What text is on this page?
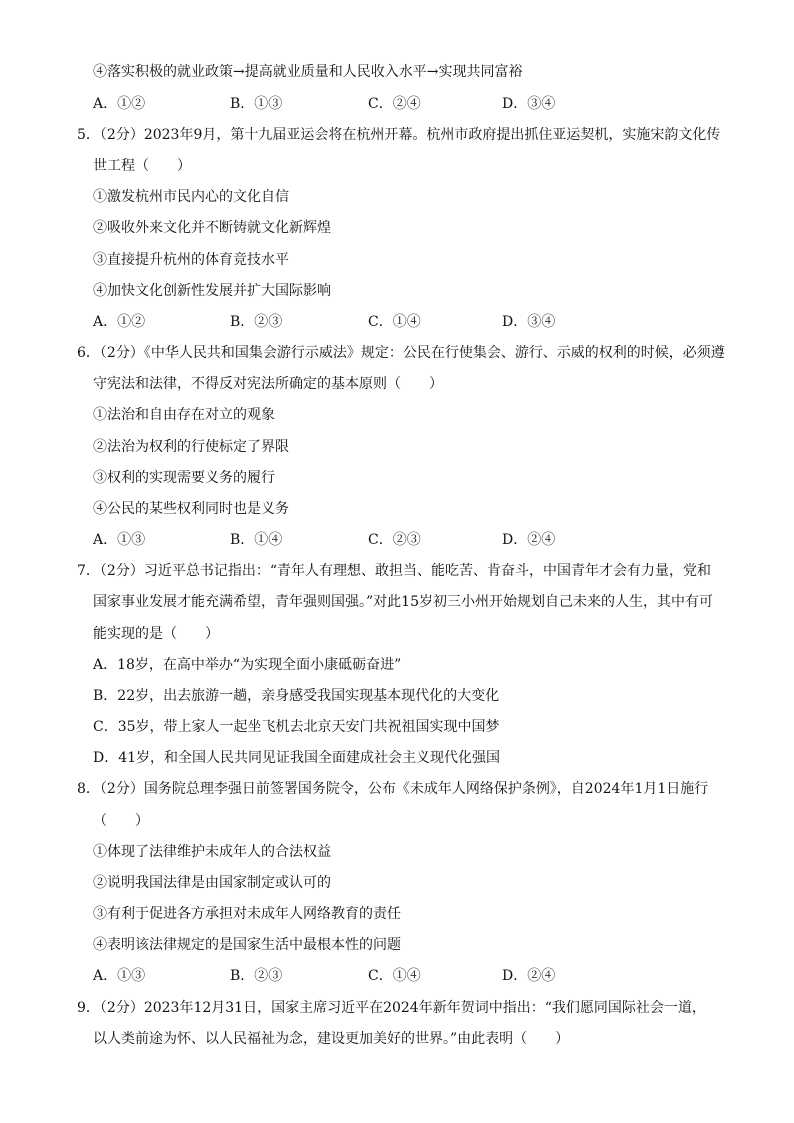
④落实积极的就业政策→提高就业质量和人民收入水平→实现共同富裕
A．①②	B．①③	C．②④	D．③④
5．（2分）2023年9月，第十九届亚运会将在杭州开幕。杭州市政府提出抓住亚运契机，实施宋韵文化传
世工程（　　）
①激发杭州市民内心的文化自信
②吸收外来文化并不断铸就文化新辉煌
③直接提升杭州的体育竞技水平
④加快文化创新性发展并扩大国际影响
A．①②	B．②③	C．①④	D．③④
6．（2分）《中华人民共和国集会游行示威法》规定：公民在行使集会、游行、示威的权利的时候，必须遵
守宪法和法律，不得反对宪法所确定的基本原则（　　）
①法治和自由存在对立的观象
②法治为权利的行使标定了界限
③权利的实现需要义务的履行
④公民的某些权利同时也是义务
A．①③	B．①④	C．②③	D．②④
7．（2分）习近平总书记指出：“青年人有理想、敢担当、能吃苦、肯奋斗，中国青年才会有力量，党和
国家事业发展才能充满希望，青年强则国强。”对此15岁初三小州开始规划自己未来的人生，其中有可
能实现的是（　　）
A．18岁，在高中举办“为实现全面小康砥砺奋进”
B．22岁，出去旅游一趟，亲身感受我国实现基本现代化的大变化
C．35岁，带上家人一起坐飞机去北京天安门共祝祖国实现中国梦
D．41岁，和全国人民共同见证我国全面建成社会主义现代化强国
8．（2分）国务院总理李强日前签署国务院令，公布《未成年人网络保护条例》，自2024年1月1日施行
（　　）
①体现了法律维护未成年人的合法权益
②说明我国法律是由国家制定或认可的
③有利于促进各方承担对未成年人网络教育的责任
④表明该法律规定的是国家生活中最根本性的问题
A．①③	B．②③	C．①④	D．②④
9．（2分）2023年12月31日，国家主席习近平在2024年新年贺词中指出：“我们愿同国际社会一道，
以人类前途为怀、以人民福祉为念，建设更加美好的世界。”由此表明（　　）
